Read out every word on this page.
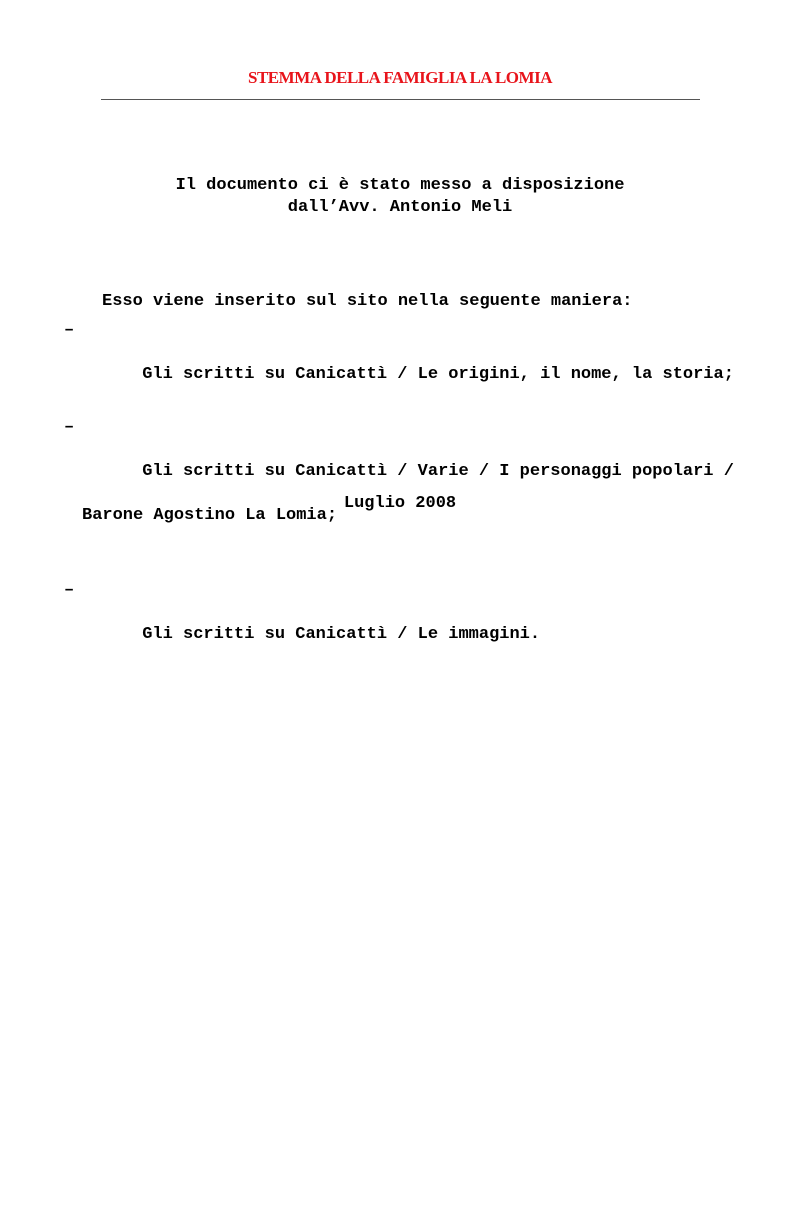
STEMMA DELLA FAMIGLIA LA LOMIA
Il documento ci è stato messo a disposizione
dall’Avv. Antonio Meli
Esso viene inserito sul sito nella seguente maniera:

–

Gli scritti su Canicattì / Le origini, il nome, la storia;

–

Gli scritti su Canicattì / Varie / I personaggi popolari /

Barone Agostino La Lomia;

–

Gli scritti su Canicattì / Le immagini.

Luglio 2008
